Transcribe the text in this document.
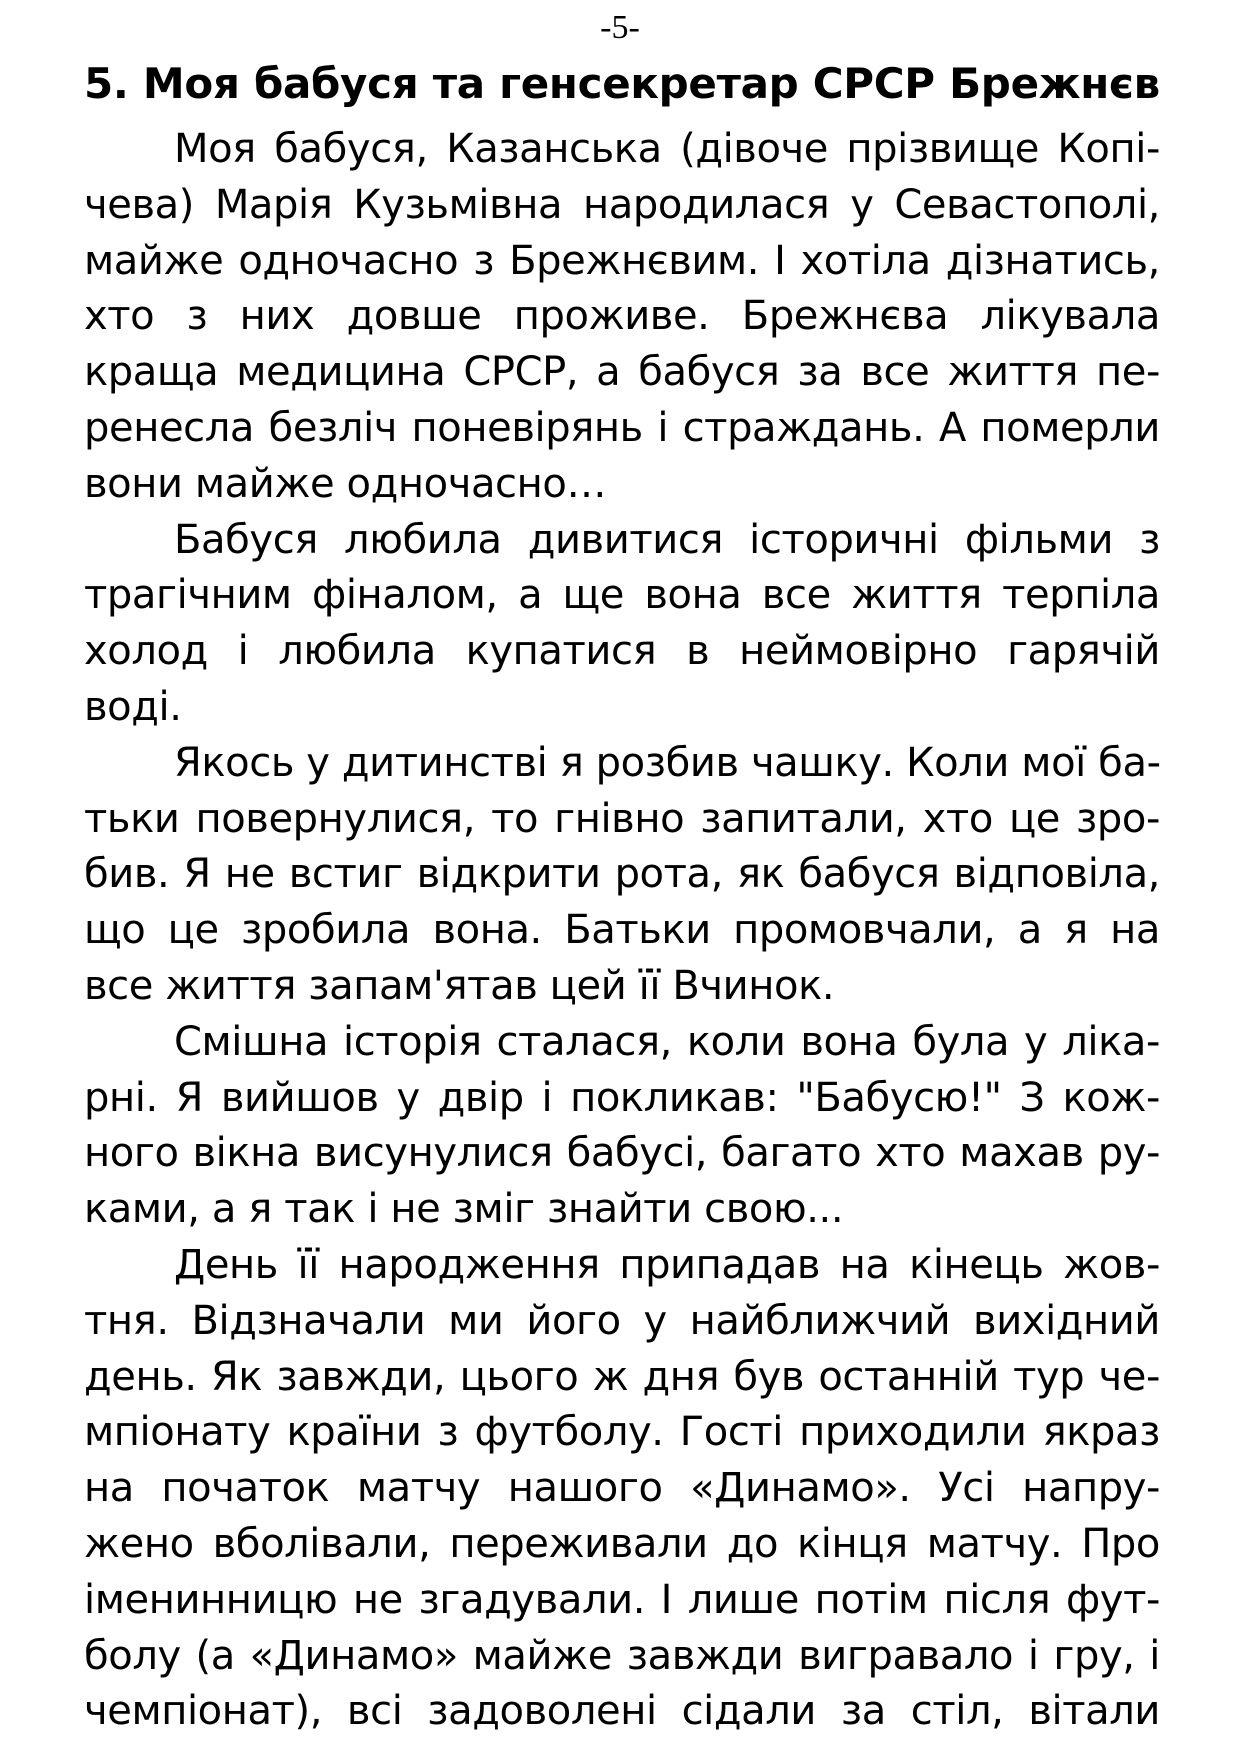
-5-
5. Моя бабуся та генсекретар СРСР Брежнєв

Моя бабуся, Казанська (дівоче прізвище Копі-
чева) Марія Кузьмівна народилася у Севастополі,
майже одночасно з Брежнєвим. І хотіла дізнатись,
хто з них довше проживе. Брежнєва лікувала
краща медицина СРСР, а бабуся за все життя пе-
ренесла безліч поневірянь і страждань. А померли
вони майже одночасно…

Бабуся любила дивитися історичні фільми з
трагічним фіналом, а ще вона все життя терпіла
холод і любила купатися в неймовірно гарячій
воді.

Якось у дитинстві я розбив чашку. Коли мої ба-
тьки повернулися, то гнівно запитали, хто це зро-
бив. Я не встиг відкрити рота, як бабуся відповіла,
що це зробила вона. Батьки промовчали, а я на
все життя запам'ятав цей її Вчинок.

Смішна історія сталася, коли вона була у ліка-
рні. Я вийшов у двір і покликав: "Бабусю!" З кож-
ного вікна висунулися бабусі, багато хто махав ру-
ками, а я так і не зміг знайти свою...

День її народження припадав на кінець жов-
тня. Відзначали ми його у найближчий вихідний
день. Як завжди, цього ж дня був останній тур че-
мпіонату країни з футболу. Гості приходили якраз
на початок матчу нашого «Динамо». Усі напру-
жено вболівали, переживали до кінця матчу. Про
іменинницю не згадували. І лише потім після фут-
болу (а «Динамо» майже завжди вигравало і гру, і
чемпіонат), всі задоволені сідали за стіл, вітали
